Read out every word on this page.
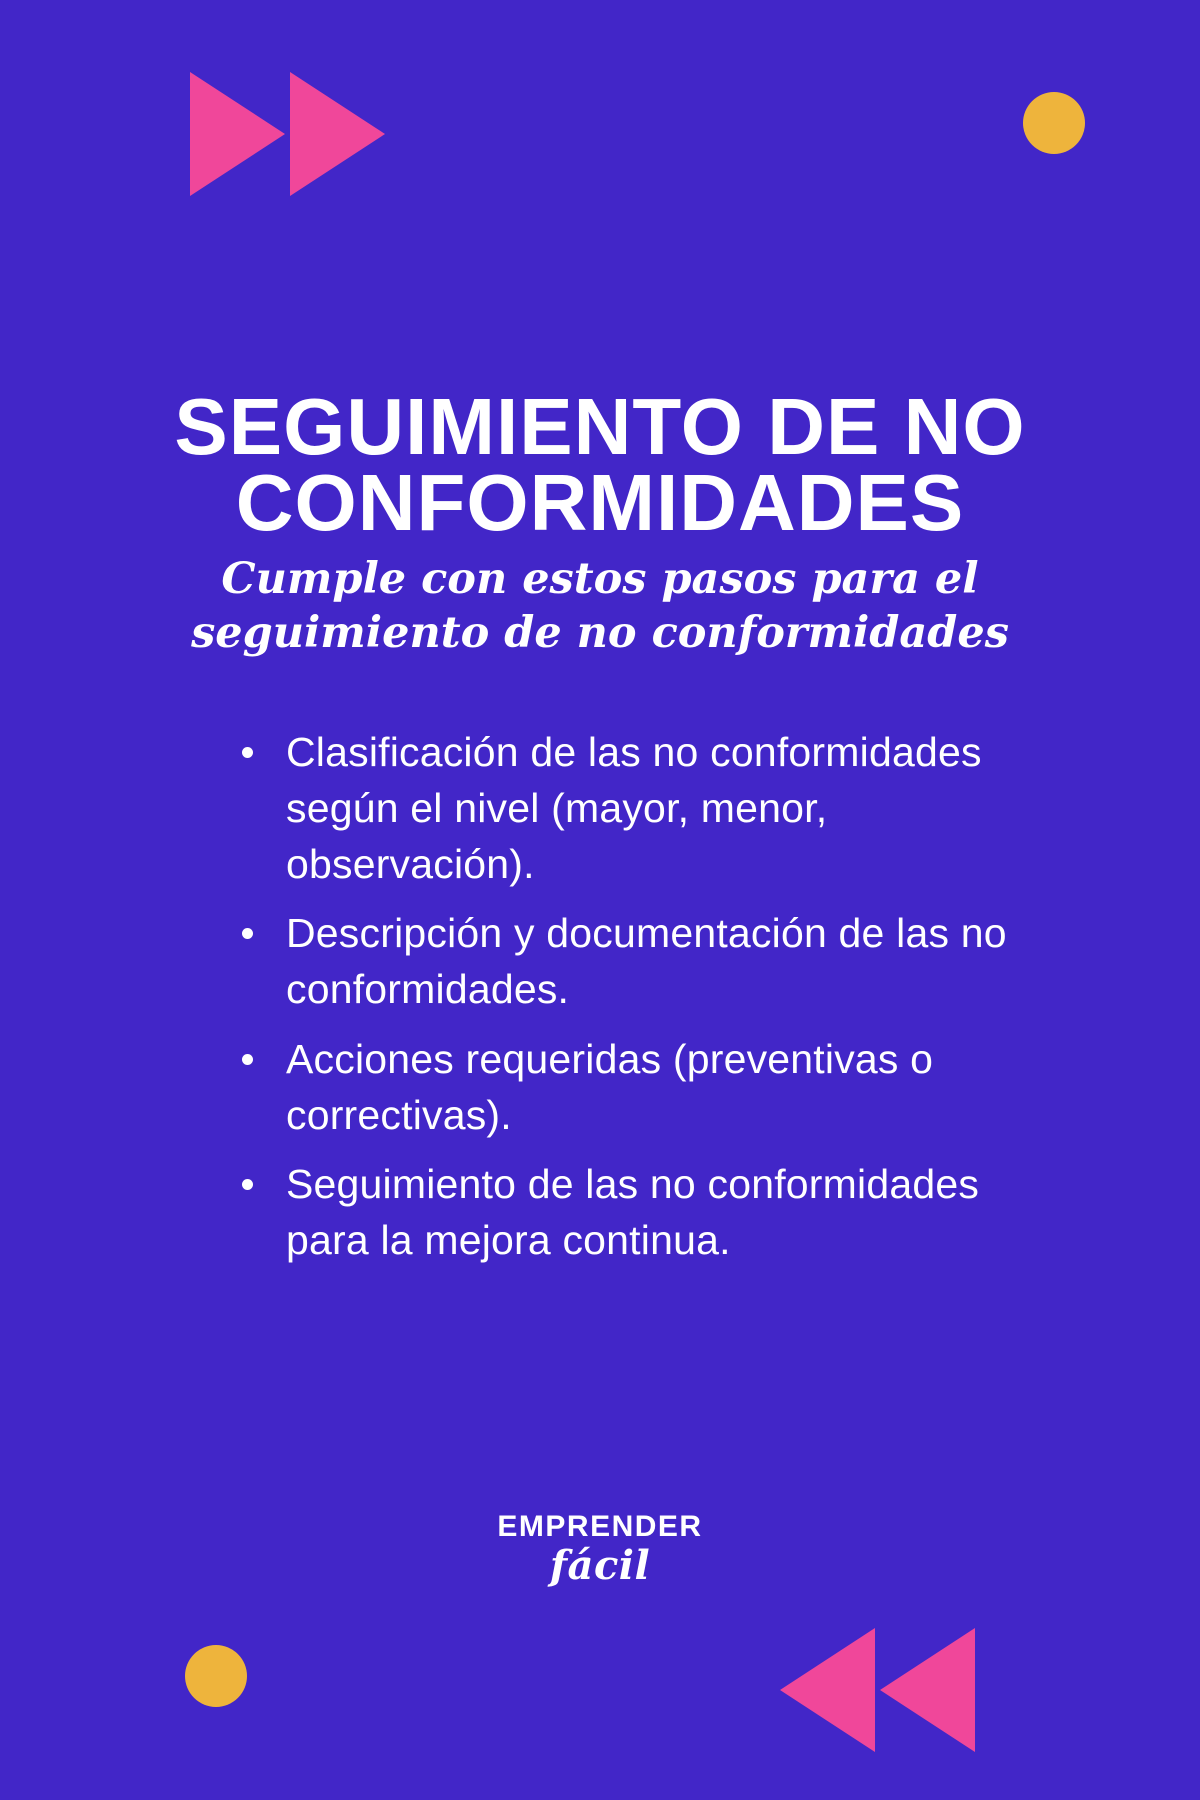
SEGUIMIENTO DE NO CONFORMIDADES

Cumple con estos pasos para el seguimiento de no conformidades

Clasificación de las no conformidades según el nivel (mayor, menor, observación).
Descripción y documentación de las no conformidades.
Acciones requeridas (preventivas o correctivas).
Seguimiento de las no conformidades para la mejora continua.
EMPRENDER
fácil
